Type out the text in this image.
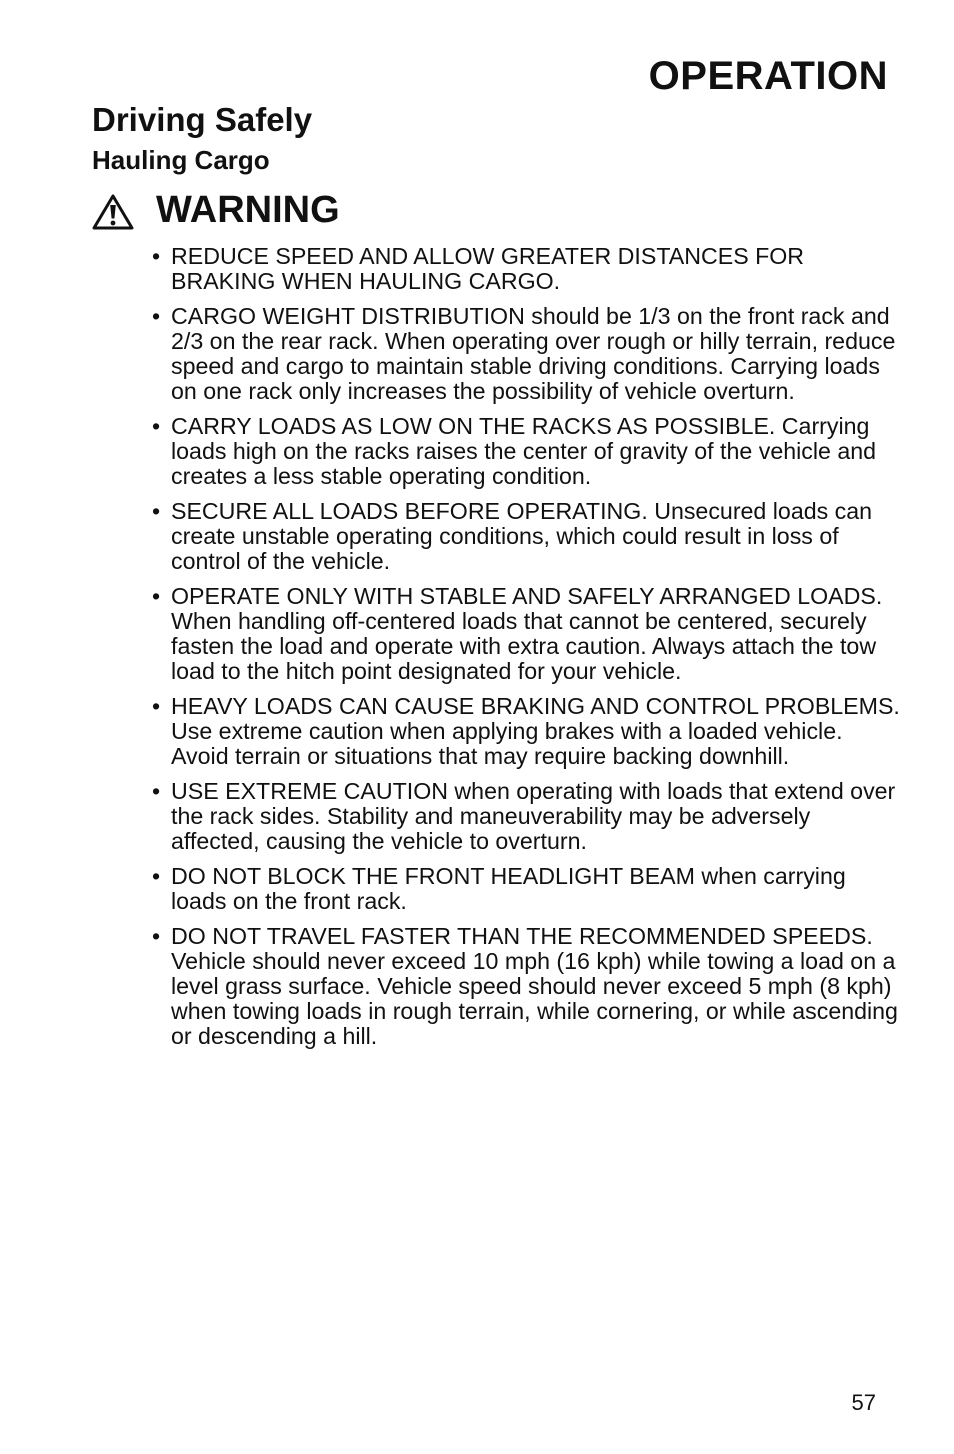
OPERATION
Driving Safely
Hauling Cargo
WARNING
• REDUCE SPEED AND ALLOW GREATER DISTANCES FOR BRAKING WHEN HAULING CARGO.
• CARGO WEIGHT DISTRIBUTION should be 1/3 on the front rack and 2/3 on the rear rack. When operating over rough or hilly terrain, reduce speed and cargo to maintain stable driving conditions. Carrying loads on one rack only increases the possibility of vehicle overturn.
• CARRY LOADS AS LOW ON THE RACKS AS POSSIBLE. Carrying loads high on the racks raises the center of gravity of the vehicle and creates a less stable operating condition.
• SECURE ALL LOADS BEFORE OPERATING. Unsecured loads can create unstable operating conditions, which could result in loss of control of the vehicle.
• OPERATE ONLY WITH STABLE AND SAFELY ARRANGED LOADS. When handling off-centered loads that cannot be centered, securely fasten the load and operate with extra caution. Always attach the tow load to the hitch point designated for your vehicle.
• HEAVY LOADS CAN CAUSE BRAKING AND CONTROL PROBLEMS. Use extreme caution when applying brakes with a loaded vehicle. Avoid terrain or situations that may require backing downhill.
• USE EXTREME CAUTION when operating with loads that extend over the rack sides. Stability and maneuverability may be adversely affected, causing the vehicle to overturn.
• DO NOT BLOCK THE FRONT HEADLIGHT BEAM when carrying loads on the front rack.
• DO NOT TRAVEL FASTER THAN THE RECOMMENDED SPEEDS. Vehicle should never exceed 10 mph (16 kph) while towing a load on a level grass surface. Vehicle speed should never exceed 5 mph (8 kph) when towing loads in rough terrain, while cornering, or while ascending or descending a hill.
57
